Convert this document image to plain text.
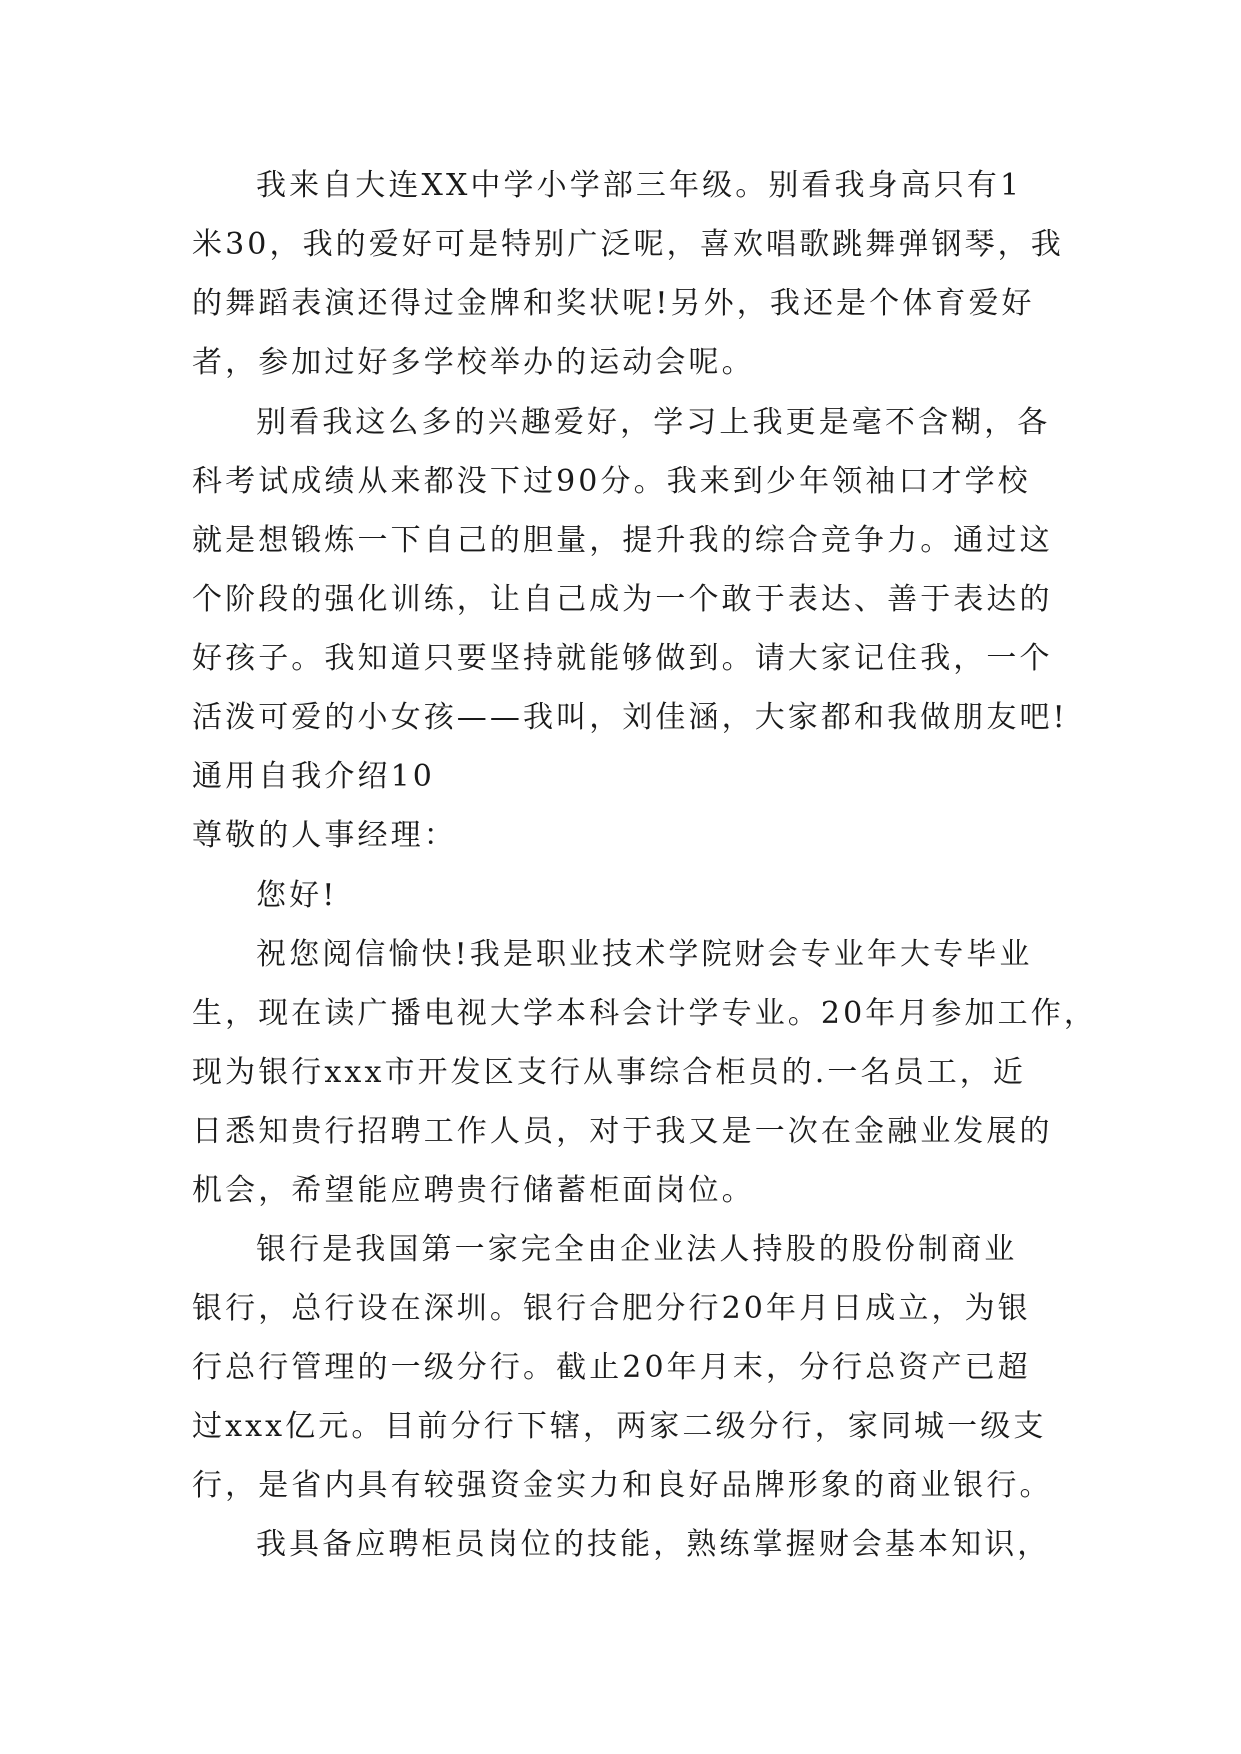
我来自大连XX中学小学部三年级。别看我身高只有1
米30，我的爱好可是特别广泛呢，喜欢唱歌跳舞弹钢琴，我
的舞蹈表演还得过金牌和奖状呢!另外，我还是个体育爱好
者，参加过好多学校举办的运动会呢。
别看我这么多的兴趣爱好，学习上我更是毫不含糊，各
科考试成绩从来都没下过90分。我来到少年领袖口才学校
就是想锻炼一下自己的胆量，提升我的综合竞争力。通过这
个阶段的强化训练，让自己成为一个敢于表达、善于表达的
好孩子。我知道只要坚持就能够做到。请大家记住我，一个
活泼可爱的小女孩——我叫，刘佳涵，大家都和我做朋友吧!
通用自我介绍10
尊敬的人事经理：
您好!
祝您阅信愉快!我是职业技术学院财会专业年大专毕业
生，现在读广播电视大学本科会计学专业。20年月参加工作，
现为银行xxx市开发区支行从事综合柜员的.一名员工，近
日悉知贵行招聘工作人员，对于我又是一次在金融业发展的
机会，希望能应聘贵行储蓄柜面岗位。
银行是我国第一家完全由企业法人持股的股份制商业
银行，总行设在深圳。银行合肥分行20年月日成立，为银
行总行管理的一级分行。截止20年月末，分行总资产已超
过xxx亿元。目前分行下辖，两家二级分行，家同城一级支
行，是省内具有较强资金实力和良好品牌形象的商业银行。
我具备应聘柜员岗位的技能，熟练掌握财会基本知识，
